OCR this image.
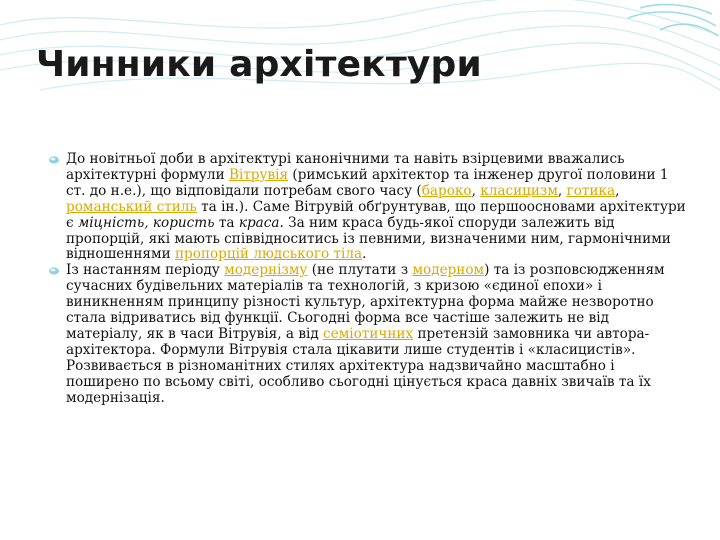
Чинники архітектури

До новітньої доби в архітектурі канонічними та навіть взірцевими вважались архітектурні формули Вітрувія (римський архітектор та інженер другої половини 1 ст. до н.е.), що відповідали потребам свого часу (бароко, класицизм, готика, романський стиль та ін.). Саме Вітрувій обґрунтував, що першоосновами архітектури є міцність, користь та краса. За ним краса будь-якої споруди залежить від пропорцій, які мають співвідноситись із певними, визначеними ним, гармонічними відношеннями пропорцій людського тіла.

Із настанням періоду модернізму (не плутати з модерном) та із розповсюдженням сучасних будівельних матеріалів та технологій, з кризою «єдиної епохи» і виникненням принципу різності культур, архітектурна форма майже незворотно стала відриватись від функції. Сьогодні форма все частіше залежить не від матеріалу, як в часи Вітрувія, а від семіотичних претензій замовника чи автора-архітектора. Формули Вітрувія стала цікавити лише студентів і «класицистів». Розвивається в різноманітних стилях архітектура надзвичайно масштабно і поширено по всьому світі, особливо сьогодні цінується краса давніх звичаїв та їх модернізація.
